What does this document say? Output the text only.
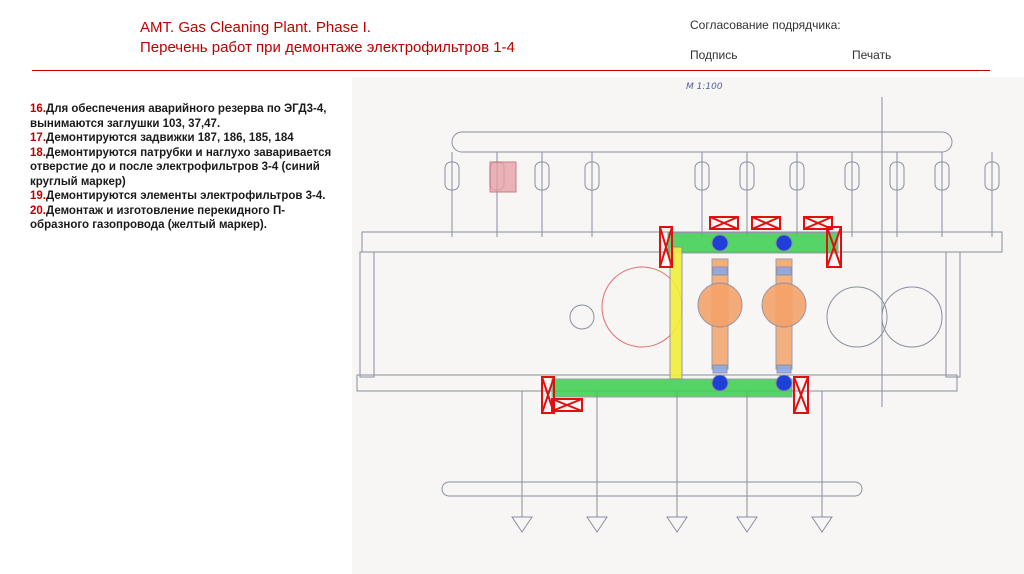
AMT. Gas Cleaning Plant. Phase I.
Перечень работ при демонтаже электрофильтров 1-4
Согласование подрядчика:
Подпись	Печать
16.Для обеспечения аварийного резерва по ЭГД3-4, вынимаются заглушки 103, 37,47.
17.Демонтируются задвижки 187, 186, 185, 184
18.Демонтируются патрубки и наглухо заваривается отверстие до и после электрофильтров 3-4 (синий круглый маркер)
19.Демонтируются элементы электрофильтров 3-4.
20.Демонтаж и изготовление перекидного П-образного газопровода (желтый маркер).
M 1:100
